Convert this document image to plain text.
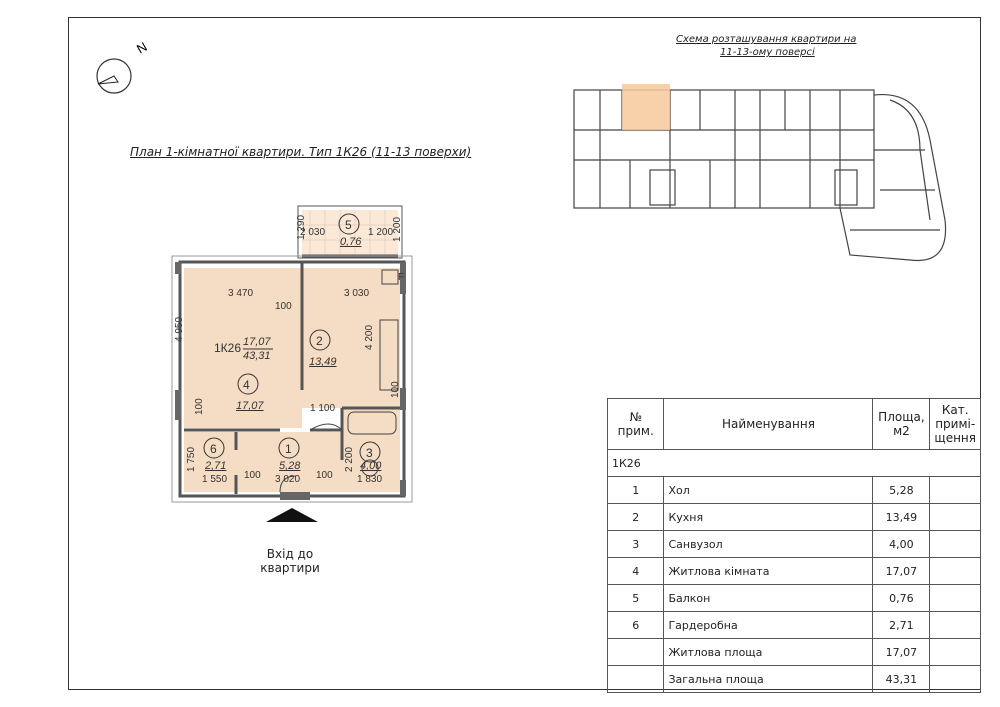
N
План 1-кімнатної квартири. Тип 1К26 (11-13 поверхи)
Схема розташування квартири на
11-13-ому поверсі
3 470	3 030
100
4 950	4 200
100
100
1 100
F
1К26 17,07
43,31
4
17,07
2
13,49
5
0,76
2 030	1 200
1 290	1 200
6
2,71
1 550
1 750
100
1
5,28
3 020 100
2 200 3
4,00
1 830
Вхід до
квартири
№ прим.	Найменування	Площа, м2	Кат. примі-щення
1К26			
1	Хол	5,28	
2	Кухня	13,49	
3	Санвузол	4,00	
4	Житлова кімната	17,07	
5	Балкон	0,76	
6	Гардеробна	2,71	
	Житлова площа	17,07	
	Загальна площа	43,31	
